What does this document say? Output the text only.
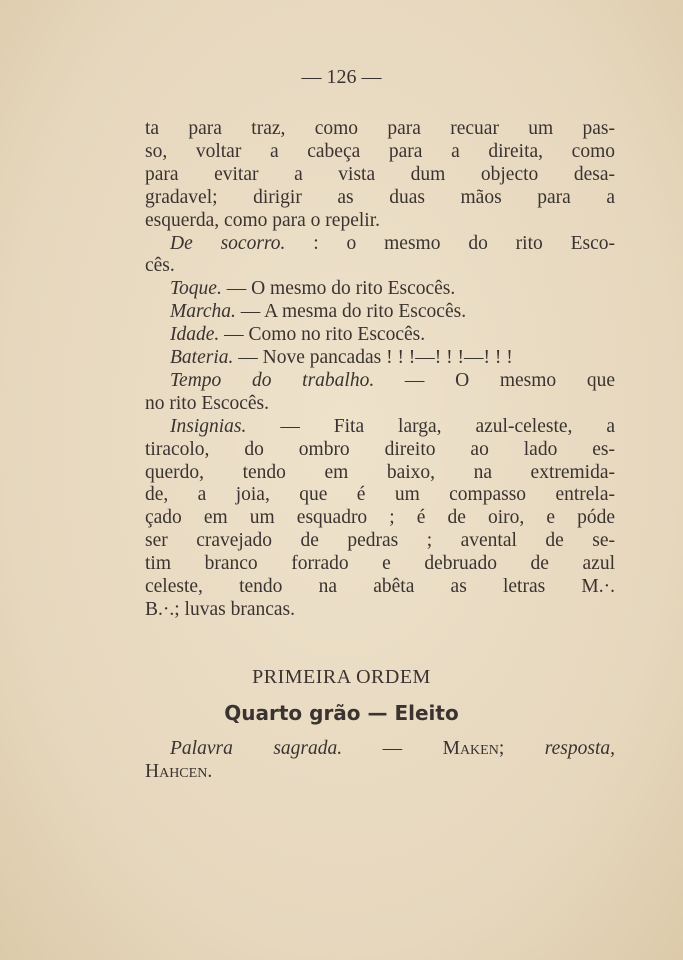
— 126 —
ta para traz, como para recuar um pas-
so, voltar a cabeça para a direita, como
para evitar a vista dum objecto desa-
gradavel; dirigir as duas mãos para a
esquerda, como para o repelir.
De socorro. : o mesmo do rito Esco-
cês.
Toque. — O mesmo do rito Escocês.
Marcha. — A mesma do rito Escocês.
Idade. — Como no rito Escocês.
Bateria. — Nove pancadas ! ! !—! ! !—! ! !
Tempo do trabalho. — O mesmo que
no rito Escocês.
Insignias. — Fita larga, azul-celeste, a
tiracolo, do ombro direito ao lado es-
querdo, tendo em baixo, na extremida-
de, a joia, que é um compasso entrela-
çado em um esquadro ; é de oiro, e póde
ser cravejado de pedras ; avental de se-
tim branco forrado e debruado de azul
celeste, tendo na abêta as letras M.·.
B.·.; luvas brancas.
PRIMEIRA ORDEM
Quarto grão — Eleito
Palavra sagrada. — Maken; resposta,
Hahcen.
